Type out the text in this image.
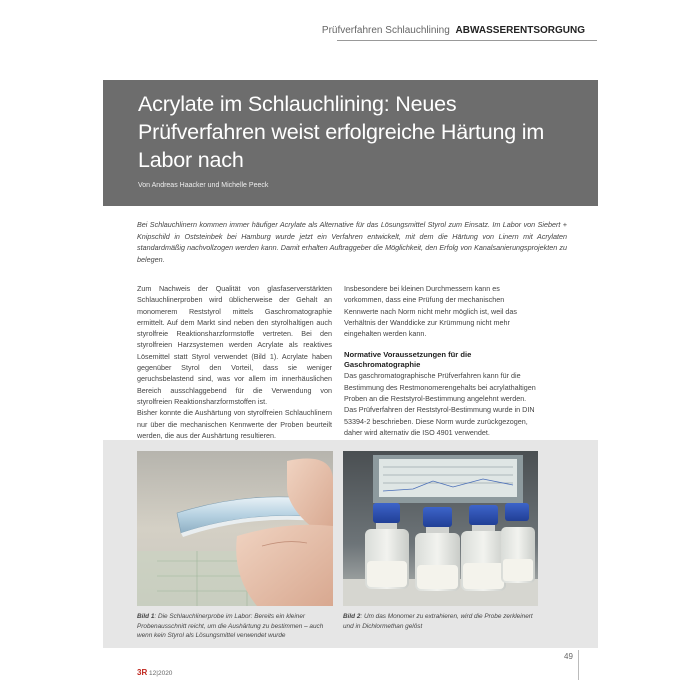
Prüfverfahren Schlauchlining ABWASSERENTSORGUNG
Acrylate im Schlauchlining: Neues Prüfverfahren weist erfolgreiche Härtung im Labor nach
Von Andreas Haacker und Michelle Peeck
Bei Schlauchlinern kommen immer häufiger Acrylate als Alternative für das Lösungsmittel Styrol zum Einsatz. Im Labor von Siebert + Knipschild in Oststeinbek bei Hamburg wurde jetzt ein Verfahren entwickelt, mit dem die Härtung von Linern mit Acrylaten standardmäßig nachvollzogen werden kann. Damit erhalten Auftraggeber die Möglichkeit, den Erfolg von Kanalsanierungsprojekten zu belegen.

Zum Nachweis der Qualität von glasfaserverstärkten Schlauchlinerproben wird üblicherweise der Gehalt an monomerem Reststyrol mittels Gaschromatographie ermittelt. Auf dem Markt sind neben den styrolhaltigen auch styrolfreie Reaktionsharzformstoffe vertreten. Bei den styrolfreien Harzsystemen werden Acrylate als reaktives Lösemittel statt Styrol verwendet (Bild 1). Acrylate haben gegenüber Styrol den Vorteil, dass sie weniger geruchsbelastend sind, was vor allem im innerhäuslichen Bereich ausschlaggebend für die Verwendung von styrolfreien Reaktionsharzformstoffen ist.

Bisher konnte die Aushärtung von styrolfreien Schlauchlinern nur über die mechanischen Kennwerte der Proben beurteilt werden, die aus der Aushärtung resultieren.

Insbesondere bei kleinen Durchmessern kann es vorkommen, dass eine Prüfung der mechanischen Kennwerte nach Norm nicht mehr möglich ist, weil das Verhältnis der Wanddicke zur Krümmung nicht mehr eingehalten werden kann.

Normative Voraussetzungen für die Gaschromatographie

Das gaschromatographische Prüfverfahren kann für die Bestimmung des Restmonomerengehalts bei acrylathaltigen Proben an die Reststyrol-Bestimmung angelehnt werden. Das Prüfverfahren der Reststyrol-Bestimmung wurde in DIN 53394-2 beschrieben. Diese Norm wurde zurückgezogen, daher wird alternativ die ISO 4901 verwendet.

Bild 1: Die Schlauchlinerprobe im Labor: Bereits ein kleiner Probenausschnitt reicht, um die Aushärtung zu bestimmen – auch wenn kein Styrol als Lösungsmittel verwendet wurde
Bild 2: Um das Monomer zu extrahieren, wird die Probe zerkleinert und in Dichlormethan gelöst
3R 12|2020
49
